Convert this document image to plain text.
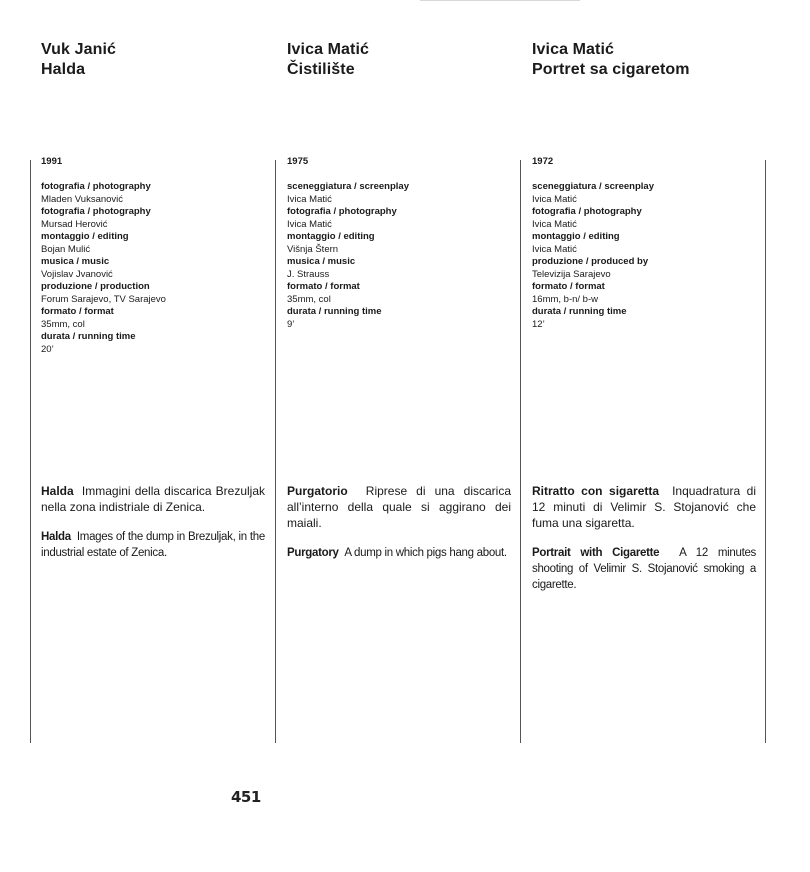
Vuk Janić
Halda
1991
fotografia / photography
Mladen Vuksanović
fotografia / photography
Mursad Herović
montaggio / editing
Bojan Mulić
musica / music
Vojislav Jvanović
produzione / production
Forum Sarajevo, TV Sarajevo
formato / format
35mm, col
durata / running time
20’

Halda Immagini della discarica Brezuljak nella zona indistriale di Zenica.

Halda Images of the dump in Brezuljak, in the industrial estate of Zenica.

Ivica Matić
Čistilište
1975
sceneggiatura / screenplay
Ivica Matić
fotografia / photography
Ivica Matić
montaggio / editing
Višnja Štern
musica / music
J. Strauss
formato / format
35mm, col
durata / running time
9’

Purgatorio Riprese di una discarica all’interno della quale si aggirano dei maiali.

Purgatory A dump in which pigs hang about.

Ivica Matić
Portret sa cigaretom
1972
sceneggiatura / screenplay
Ivica Matić
fotografia / photography
Ivica Matić
montaggio / editing
Ivica Matić
produzione / produced by
Televizija Sarajevo
formato / format
16mm, b-n/ b-w
durata / running time
12’

Ritratto con sigaretta Inquadratura di 12 minuti di Velimir S. Stojanović che fuma una sigaretta.

Portrait with Cigarette A 12 minutes shooting of Velimir S. Stojanović smoking a cigarette.

451
